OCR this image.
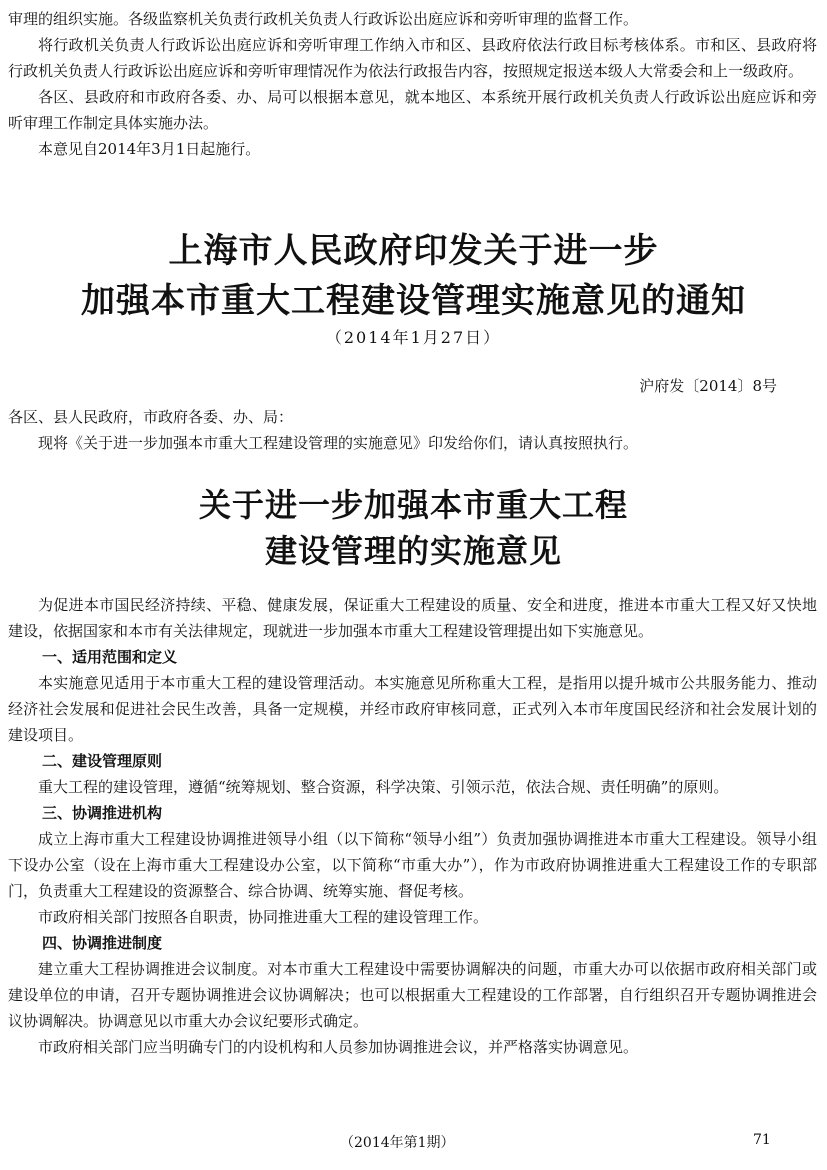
审理的组织实施。各级监察机关负责行政机关负责人行政诉讼出庭应诉和旁听审理的监督工作。

将行政机关负责人行政诉讼出庭应诉和旁听审理工作纳入市和区、县政府依法行政目标考核体系。市和区、县政府将行政机关负责人行政诉讼出庭应诉和旁听审理情况作为依法行政报告内容，按照规定报送本级人大常委会和上一级政府。

各区、县政府和市政府各委、办、局可以根据本意见，就本地区、本系统开展行政机关负责人行政诉讼出庭应诉和旁听审理工作制定具体实施办法。

本意见自2014年3月1日起施行。

上海市人民政府印发关于进一步

加强本市重大工程建设管理实施意见的通知

（2014年1月27日）

沪府发〔2014〕8号

各区、县人民政府，市政府各委、办、局：

现将《关于进一步加强本市重大工程建设管理的实施意见》印发给你们，请认真按照执行。

关于进一步加强本市重大工程

建设管理的实施意见

为促进本市国民经济持续、平稳、健康发展，保证重大工程建设的质量、安全和进度，推进本市重大工程又好又快地建设，依据国家和本市有关法律规定，现就进一步加强本市重大工程建设管理提出如下实施意见。

一、适用范围和定义

本实施意见适用于本市重大工程的建设管理活动。本实施意见所称重大工程，是指用以提升城市公共服务能力、推动经济社会发展和促进社会民生改善，具备一定规模，并经市政府审核同意，正式列入本市年度国民经济和社会发展计划的建设项目。

二、建设管理原则

重大工程的建设管理，遵循“统筹规划、整合资源，科学决策、引领示范，依法合规、责任明确”的原则。

三、协调推进机构

成立上海市重大工程建设协调推进领导小组（以下简称“领导小组”）负责加强协调推进本市重大工程建设。领导小组下设办公室（设在上海市重大工程建设办公室，以下简称“市重大办”），作为市政府协调推进重大工程建设工作的专职部门，负责重大工程建设的资源整合、综合协调、统筹实施、督促考核。

市政府相关部门按照各自职责，协同推进重大工程的建设管理工作。

四、协调推进制度

建立重大工程协调推进会议制度。对本市重大工程建设中需要协调解决的问题，市重大办可以依据市政府相关部门或建设单位的申请，召开专题协调推进会议协调解决；也可以根据重大工程建设的工作部署，自行组织召开专题协调推进会议协调解决。协调意见以市重大办会议纪要形式确定。

市政府相关部门应当明确专门的内设机构和人员参加协调推进会议，并严格落实协调意见。

（2014年第1期）	71
